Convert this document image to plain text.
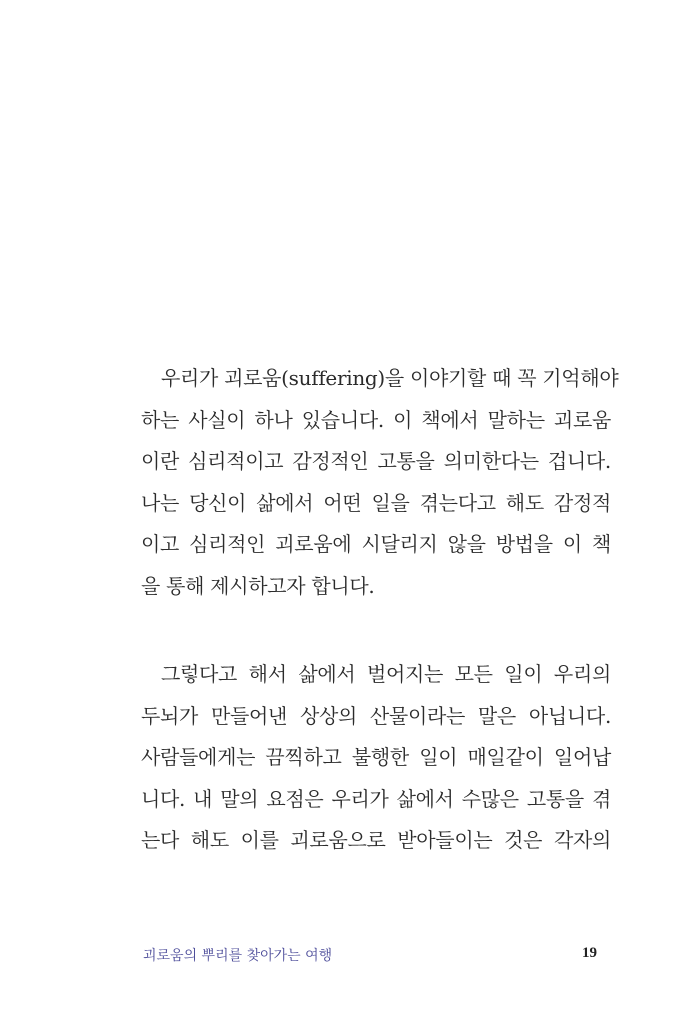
우리가 괴로움(suffering)을 이야기할 때 꼭 기억해야
하는 사실이 하나 있습니다. 이 책에서 말하는 괴로움
이란 심리적이고 감정적인 고통을 의미한다는 겁니다.
나는 당신이 삶에서 어떤 일을 겪는다고 해도 감정적
이고 심리적인 괴로움에 시달리지 않을 방법을 이 책
을 통해 제시하고자 합니다.
그렇다고 해서 삶에서 벌어지는 모든 일이 우리의
두뇌가 만들어낸 상상의 산물이라는 말은 아닙니다.
사람들에게는 끔찍하고 불행한 일이 매일같이 일어납
니다. 내 말의 요점은 우리가 삶에서 수많은 고통을 겪
는다 해도 이를 괴로움으로 받아들이는 것은 각자의
괴로움의 뿌리를 찾아가는 여행	19
